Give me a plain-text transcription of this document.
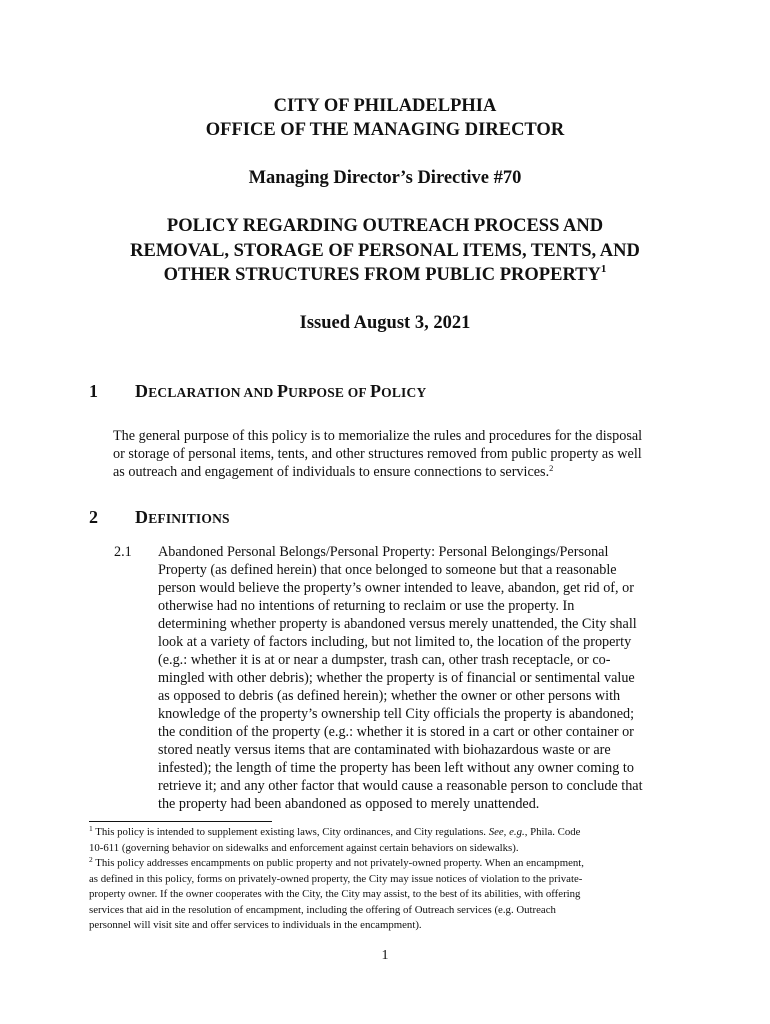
CITY OF PHILADELPHIA
OFFICE OF THE MANAGING DIRECTOR
Managing Director’s Directive #70
POLICY REGARDING OUTREACH PROCESS AND
REMOVAL, STORAGE OF PERSONAL ITEMS, TENTS, AND
OTHER STRUCTURES FROM PUBLIC PROPERTY$^1$
Issued August 3, 2021
1 DECLARATION AND PURPOSE OF POLICY
The general purpose of this policy is to memorialize the rules and procedures for the disposal
or storage of personal items, tents, and other structures removed from public property as well
as outreach and engagement of individuals to ensure connections to services.$^2$
2 DEFINITIONS
2.1 Abandoned Personal Belongs/Personal Property: Personal Belongings/Personal
Property (as defined herein) that once belonged to someone but that a reasonable
person would believe the property’s owner intended to leave, abandon, get rid of, or
otherwise had no intentions of returning to reclaim or use the property. In
determining whether property is abandoned versus merely unattended, the City shall
look at a variety of factors including, but not limited to, the location of the property
(e.g.: whether it is at or near a dumpster, trash can, other trash receptacle, or co-
mingled with other debris); whether the property is of financial or sentimental value
as opposed to debris (as defined herein); whether the owner or other persons with
knowledge of the property’s ownership tell City officials the property is abandoned;
the condition of the property (e.g.: whether it is stored in a cart or other container or
stored neatly versus items that are contaminated with biohazardous waste or are
infested); the length of time the property has been left without any owner coming to
retrieve it; and any other factor that would cause a reasonable person to conclude that
the property had been abandoned as opposed to merely unattended.
$^1$ This policy is intended to supplement existing laws, City ordinances, and City regulations. See, e.g., Phila. Code
10-611 (governing behavior on sidewalks and enforcement against certain behaviors on sidewalks).
$^2$ This policy addresses encampments on public property and not privately-owned property. When an encampment,
as defined in this policy, forms on privately-owned property, the City may issue notices of violation to the private-
property owner. If the owner cooperates with the City, the City may assist, to the best of its abilities, with offering
services that aid in the resolution of encampment, including the offering of Outreach services (e.g. Outreach
personnel will visit site and offer services to individuals in the encampment).
1
